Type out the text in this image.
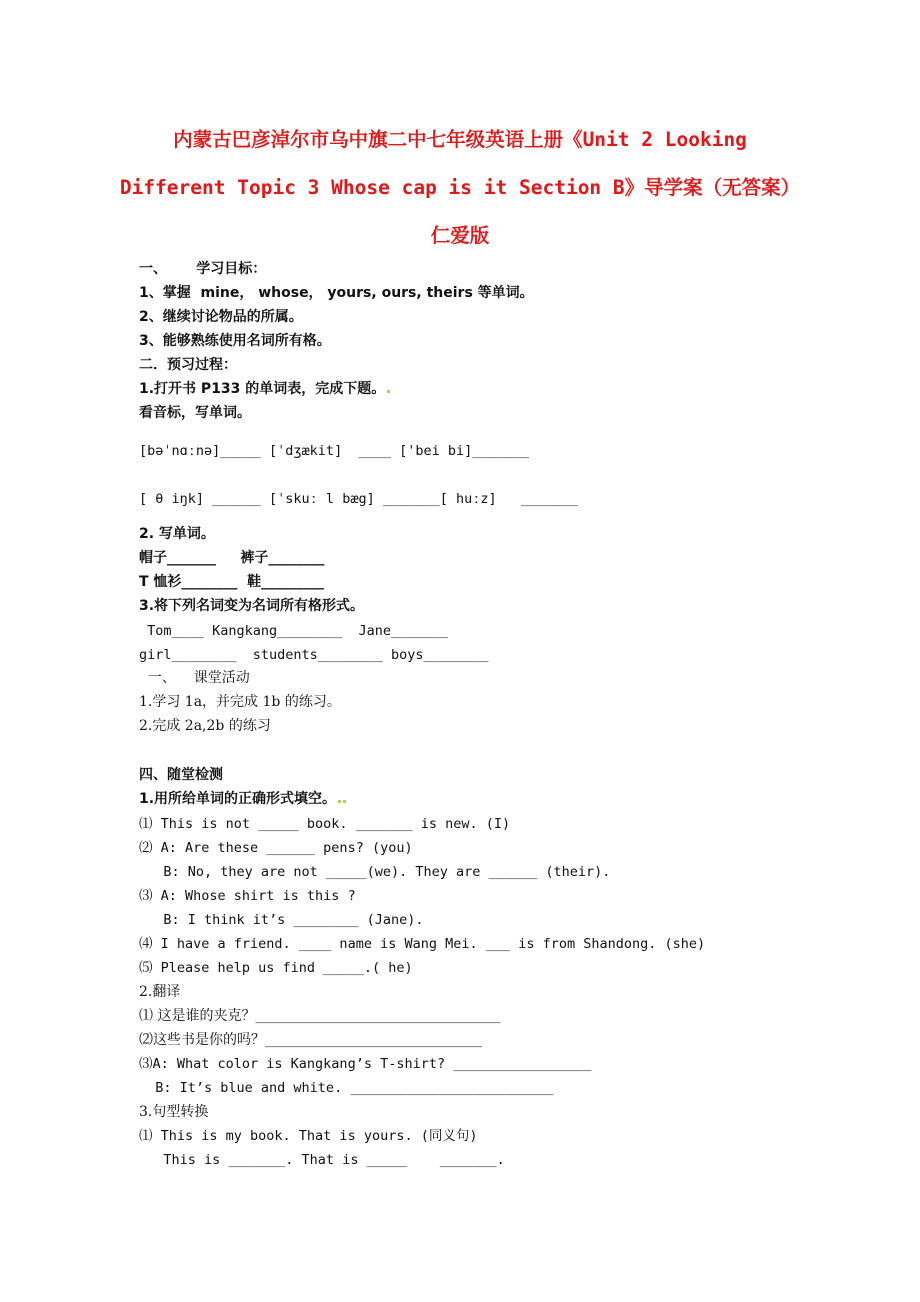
内蒙古巴彦淖尔市乌中旗二中七年级英语上册《Unit 2 Looking
Different Topic 3 Whose cap is it Section B》导学案（无答案）
仁爱版
一、      学习目标：
1、掌握  mine， whose， yours, ours, theirs 等单词。
2、继续讨论物品的所属。
3、能够熟练使用名词所有格。
二．预习过程：
1.打开书 P133 的单词表，完成下题。
看音标，写单词。
[bəˈnɑːnə]_____ [ˈdʒækit]  ____ ['bei bi]_______
[ θ iŋk] ______ [ˈskuː l bæg] _______[ huːz]   _______
2. 写单词。
帽子_______     裤子________
T 恤衫________  鞋_________
3.将下列名词变为名词所有格形式。
Tom____ Kangkang________  Jane_______
girl________  students________ boys________
一、    课堂活动
1.学习 1a，并完成 1b 的练习。
2.完成 2a,2b 的练习
四、随堂检测
1.用所给单词的正确形式填空。
⑴ This is not _____ book. _______ is new. (I)
⑵ A: Are these ______ pens? (you)
B: No, they are not _____(we). They are ______ (their).
⑶ A: Whose shirt is this ?
B: I think it’s ________ (Jane).
⑷ I have a friend. ____ name is Wang Mei. ___ is from Shandong. (she)
⑸ Please help us find _____.( he)
2.翻译
⑴ 这是谁的夹克？___________________________________
⑵这些书是你的吗？_______________________________
⑶A: What color is Kangkang’s T-shirt? _________________
B: It’s blue and white. _________________________
3.句型转换
⑴ This is my book. That is yours. (同义句)
This is _______. That is _____    _______.
